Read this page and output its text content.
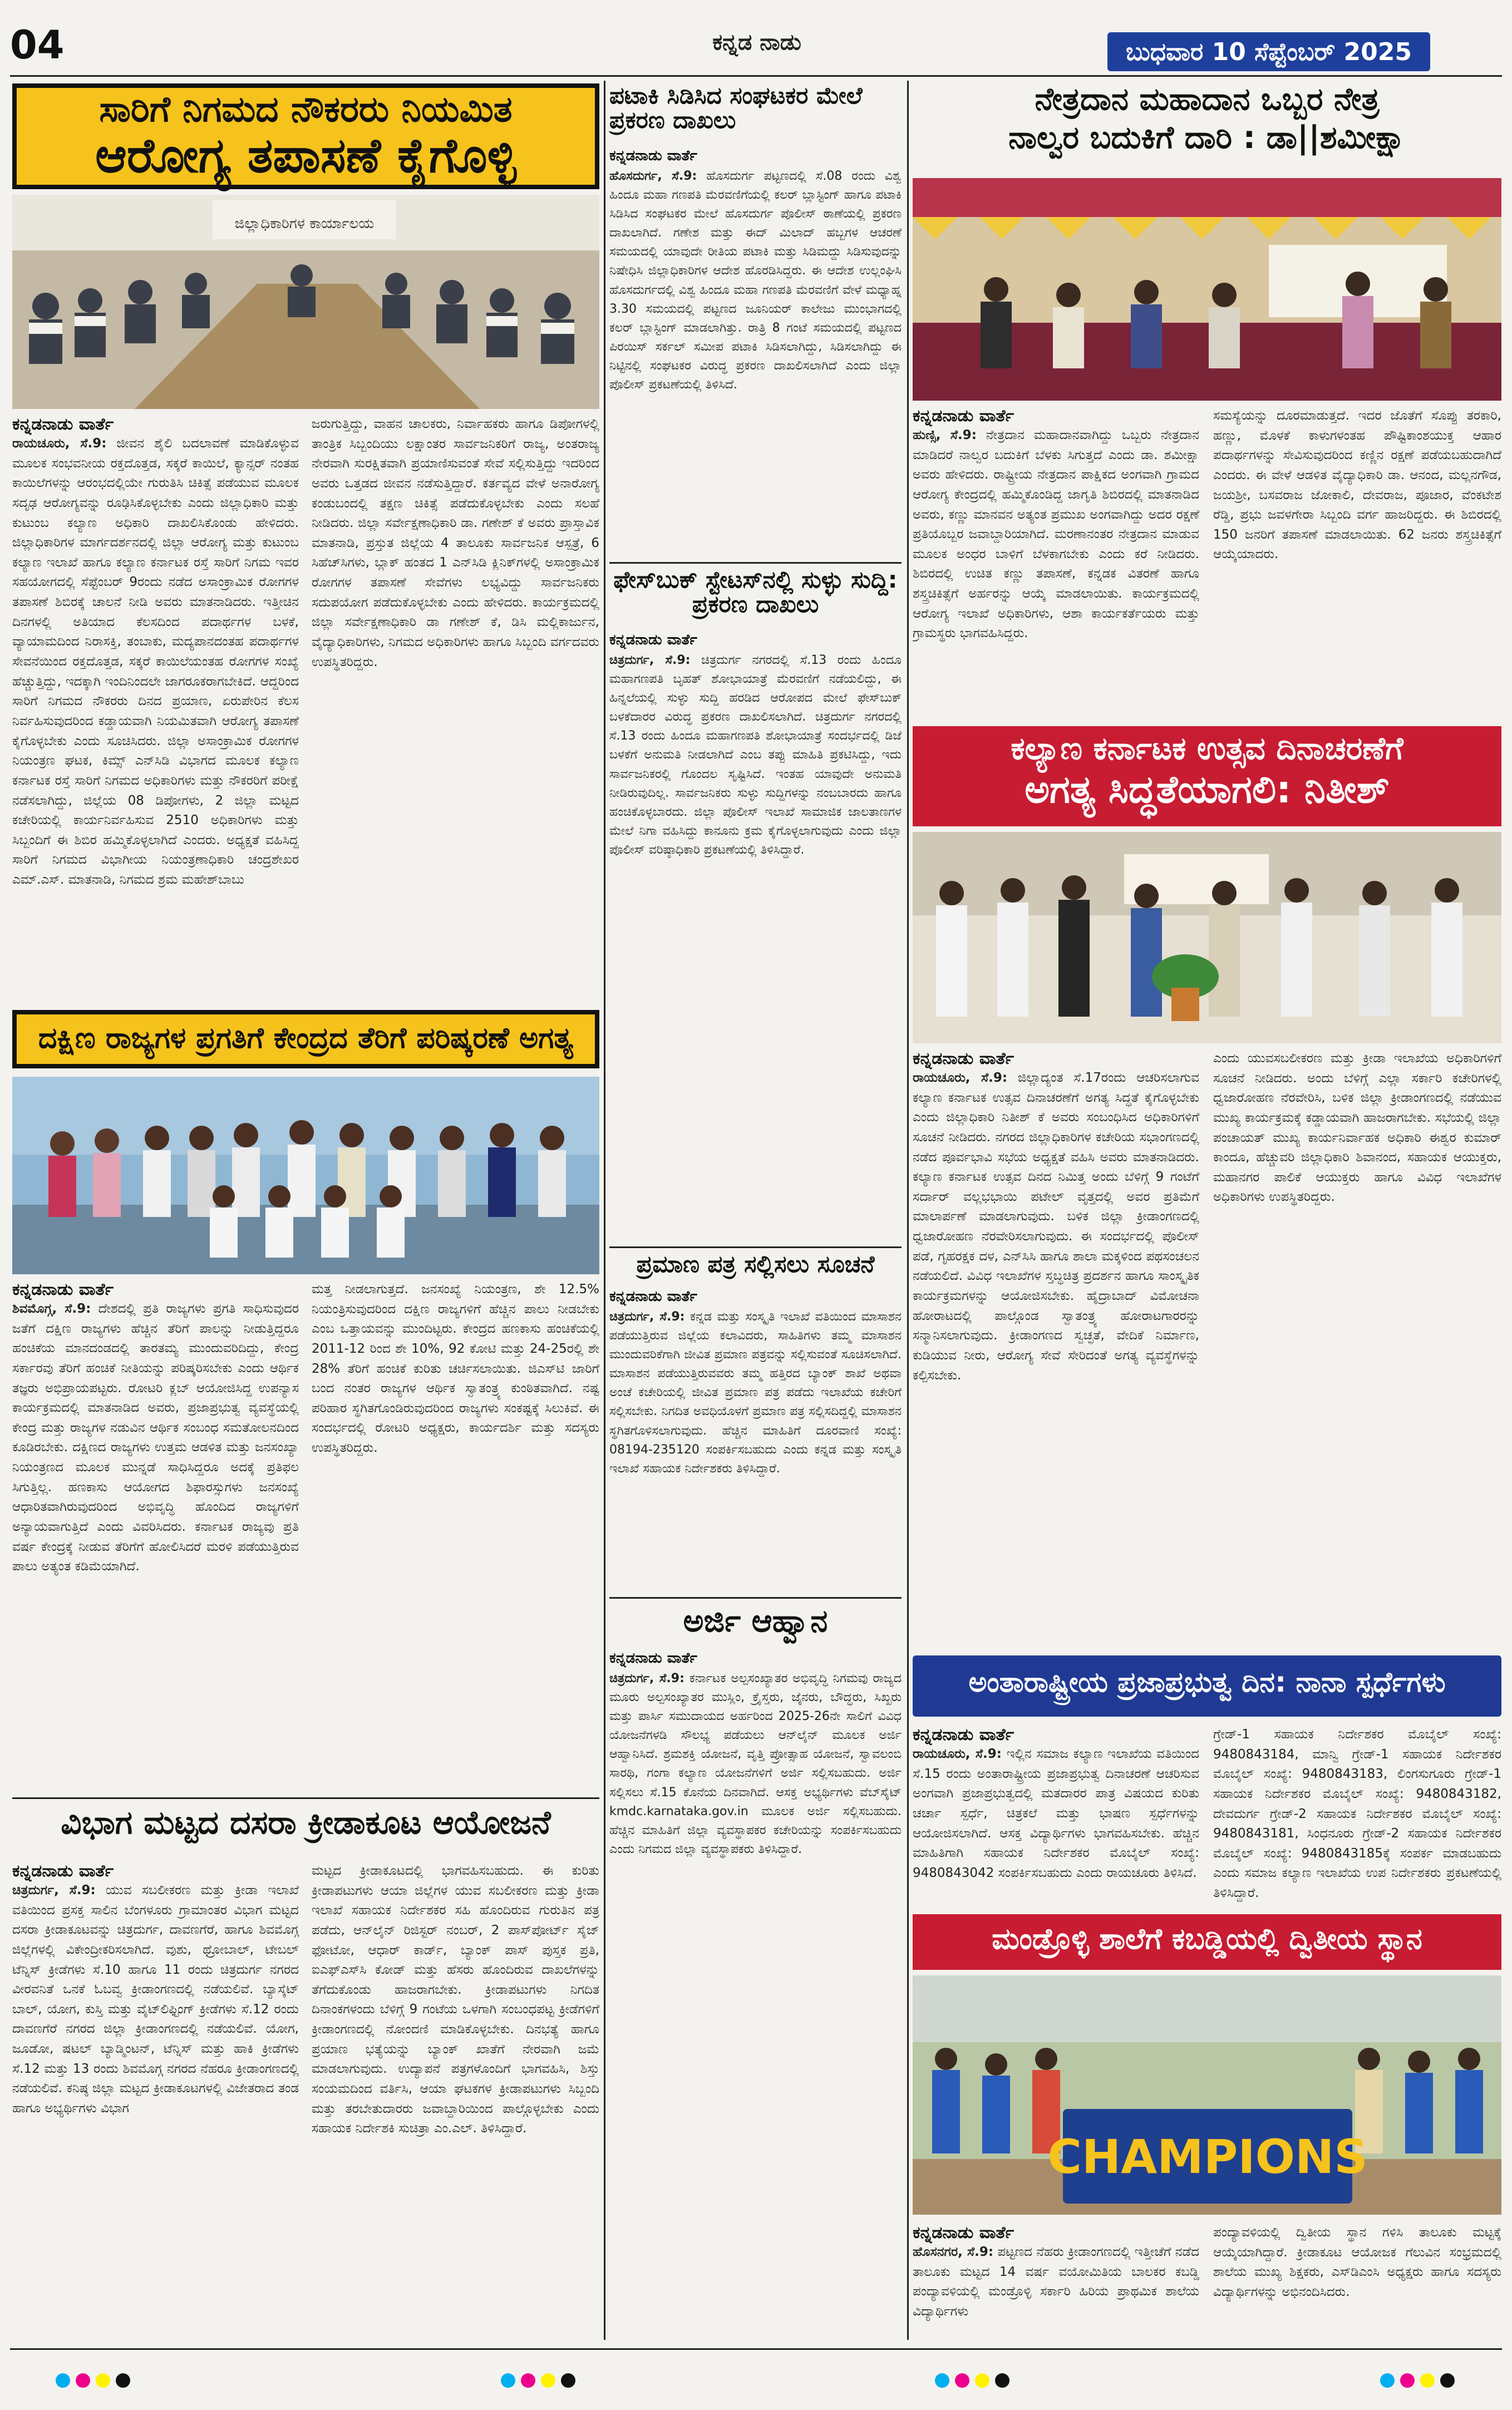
04	ಕನ್ನಡ ನಾಡು	ಬುಧವಾರ 10 ಸೆಪ್ಟೆಂಬರ್ 2025
ಸಾರಿಗೆ ನಿಗಮದ ನೌಕರರು ನಿಯಮಿತ
ಆರೋಗ್ಯ ತಪಾಸಣೆ ಕೈಗೊಳ್ಳಿ
ಜಿಲ್ಲಾಧಿಕಾರಿಗಳ ಕಾರ್ಯಾಲಯ
ಕನ್ನಡನಾಡು ವಾರ್ತೆ
ರಾಯಚೂರು, ಸೆ.9: ಜೀವನ ಶೈಲಿ ಬದಲಾವಣೆ ಮಾಡಿಕೊಳ್ಳುವ ಮೂಲಕ ಸಂಭವನೀಯ ರಕ್ತದೊತ್ತಡ, ಸಕ್ಕರೆ ಕಾಯಿಲೆ, ಕ್ಯಾನ್ಸರ್ ನಂತಹ ಕಾಯಿಲೆಗಳನ್ನು ಆರಂಭದಲ್ಲಿಯೇ ಗುರುತಿಸಿ ಚಿಕಿತ್ಸೆ ಪಡೆಯುವ ಮೂಲಕ ಸದೃಢ ಆರೋಗ್ಯವನ್ನು ರೂಢಿಸಿಕೊಳ್ಳಬೇಕು ಎಂದು ಜಿಲ್ಲಾಧಿಕಾರಿ ಮತ್ತು ಕುಟುಂಬ ಕಲ್ಯಾಣ ಅಧಿಕಾರಿ ದಾಖಲಿಸಿಕೊಂಡು ಹೇಳಿದರು. ಜಿಲ್ಲಾಧಿಕಾರಿಗಳ ಮಾರ್ಗದರ್ಶನದಲ್ಲಿ ಜಿಲ್ಲಾ ಆರೋಗ್ಯ ಮತ್ತು ಕುಟುಂಬ ಕಲ್ಯಾಣ ಇಲಾಖೆ ಹಾಗೂ ಕಲ್ಯಾಣ ಕರ್ನಾಟಕ ರಸ್ತೆ ಸಾರಿಗೆ ನಿಗಮ ಇವರ ಸಹಯೋಗದಲ್ಲಿ ಸೆಪ್ಟೆಂಬರ್ 9ರಂದು ನಡೆದ ಅಸಾಂಕ್ರಾಮಿಕ ರೋಗಗಳ ತಪಾಸಣೆ ಶಿಬಿರಕ್ಕೆ ಚಾಲನೆ ನೀಡಿ ಅವರು ಮಾತನಾಡಿದರು. ಇತ್ತೀಚಿನ ದಿನಗಳಲ್ಲಿ ಅತಿಯಾದ ಕೆಲಸದಿಂದ ಪದಾರ್ಥಗಳ ಬಳಕೆ, ವ್ಯಾಯಾಮದಿಂದ ನಿರಾಸಕ್ತಿ, ತಂಬಾಕು, ಮದ್ಯಪಾನದಂತಹ ಪದಾರ್ಥಗಳ ಸೇವನೆಯಿಂದ ರಕ್ತದೊತ್ತಡ, ಸಕ್ಕರೆ ಕಾಯಿಲೆಯಂತಹ ರೋಗಗಳ ಸಂಖ್ಯೆ ಹೆಚ್ಚುತ್ತಿದ್ದು, ಇದಕ್ಕಾಗಿ ಇಂದಿನಿಂದಲೇ ಜಾಗರೂಕರಾಗಬೇಕಿದೆ. ಆದ್ದರಿಂದ ಸಾರಿಗೆ ನಿಗಮದ ನೌಕರರು ದಿನದ ಪ್ರಯಾಣ, ಏರುಪೇರಿನ ಕೆಲಸ ನಿರ್ವಹಿಸುವುದರಿಂದ ಕಡ್ಡಾಯವಾಗಿ ನಿಯಮಿತವಾಗಿ ಆರೋಗ್ಯ ತಪಾಸಣೆ ಕೈಗೊಳ್ಳಬೇಕು ಎಂದು ಸೂಚಿಸಿದರು. ಜಿಲ್ಲಾ ಅಸಾಂಕ್ರಾಮಿಕ ರೋಗಗಳ ನಿಯಂತ್ರಣ ಘಟಕ, ಕಿಮ್ಸ್ ಎನ್‌ಸಿಡಿ ವಿಭಾಗದ ಮೂಲಕ ಕಲ್ಯಾಣ ಕರ್ನಾಟಕ ರಸ್ತೆ ಸಾರಿಗೆ ನಿಗಮದ ಅಧಿಕಾರಿಗಳು ಮತ್ತು ನೌಕರರಿಗೆ ಪರೀಕ್ಷೆ ನಡೆಸಲಾಗಿದ್ದು, ಜಿಲ್ಲೆಯ 08 ಡಿಪೋಗಳು, 2 ಜಿಲ್ಲಾ ಮಟ್ಟದ ಕಚೇರಿಯಲ್ಲಿ ಕಾರ್ಯನಿರ್ವಹಿಸುವ 2510 ಅಧಿಕಾರಿಗಳು ಮತ್ತು ಸಿಬ್ಬಂದಿಗೆ ಈ ಶಿಬಿರ ಹಮ್ಮಿಕೊಳ್ಳಲಾಗಿದೆ ಎಂದರು. ಅಧ್ಯಕ್ಷತೆ ವಹಿಸಿದ್ದ ಸಾರಿಗೆ ನಿಗಮದ ವಿಭಾಗೀಯ ನಿಯಂತ್ರಣಾಧಿಕಾರಿ ಚಂದ್ರಶೇಖರ ಎಮ್.ಎಸ್. ಮಾತನಾಡಿ, ನಿಗಮದ ಶ್ರಮ ಮಹೇಶ್‌ಬಾಬು
ಜರುಗುತ್ತಿದ್ದು, ವಾಹನ ಚಾಲಕರು, ನಿರ್ವಾಹಕರು ಹಾಗೂ ಡಿಪೋಗಳಲ್ಲಿ ತಾಂತ್ರಿಕ ಸಿಬ್ಬಂದಿಯು ಲಕ್ಷಾಂತರ ಸಾರ್ವಜನಿಕರಿಗೆ ರಾಜ್ಯ, ಅಂತರಾಜ್ಯ ನೇರವಾಗಿ ಸುರಕ್ಷಿತವಾಗಿ ಪ್ರಯಾಣಿಸುವಂತೆ ಸೇವೆ ಸಲ್ಲಿಸುತ್ತಿದ್ದು ಇದರಿಂದ ಅವರು ಒತ್ತಡದ ಜೀವನ ನಡೆಸುತ್ತಿದ್ದಾರೆ. ಕರ್ತವ್ಯದ ವೇಳೆ ಅನಾರೋಗ್ಯ ಕಂಡುಬಂದಲ್ಲಿ ತಕ್ಷಣ ಚಿಕಿತ್ಸೆ ಪಡೆದುಕೊಳ್ಳಬೇಕು ಎಂದು ಸಲಹೆ ನೀಡಿದರು. ಜಿಲ್ಲಾ ಸರ್ವೇಕ್ಷಣಾಧಿಕಾರಿ ಡಾ. ಗಣೇಶ್ ಕೆ ಅವರು ಪ್ರಾಸ್ತಾವಿಕ ಮಾತನಾಡಿ, ಪ್ರಸ್ತುತ ಜಿಲ್ಲೆಯ 4 ತಾಲೂಕು ಸಾರ್ವಜನಿಕ ಆಸ್ಪತ್ರೆ, 6 ಸಿಹೆಚ್‌ಸಿಗಳು, ಬ್ಲಾಕ್ ಹಂತದ 1 ಎನ್‌ಸಿಡಿ ಕ್ಲಿನಿಕ್‌ಗಳಲ್ಲಿ ಅಸಾಂಕ್ರಾಮಿಕ ರೋಗಗಳ ತಪಾಸಣೆ ಸೇವೆಗಳು ಲಭ್ಯವಿದ್ದು ಸಾರ್ವಜನಿಕರು ಸದುಪಯೋಗ ಪಡೆದುಕೊಳ್ಳಬೇಕು ಎಂದು ಹೇಳಿದರು. ಕಾರ್ಯಕ್ರಮದಲ್ಲಿ ಜಿಲ್ಲಾ ಸರ್ವೇಕ್ಷಣಾಧಿಕಾರಿ ಡಾ ಗಣೇಶ್ ಕೆ, ಡಿಸಿ ಮಲ್ಲಿಕಾರ್ಜುನ, ವೈದ್ಯಾಧಿಕಾರಿಗಳು, ನಿಗಮದ ಅಧಿಕಾರಿಗಳು ಹಾಗೂ ಸಿಬ್ಬಂದಿ ವರ್ಗದವರು ಉಪಸ್ಥಿತರಿದ್ದರು.
ದಕ್ಷಿಣ ರಾಜ್ಯಗಳ ಪ್ರಗತಿಗೆ ಕೇಂದ್ರದ ತೆರಿಗೆ ಪರಿಷ್ಕರಣೆ ಅಗತ್ಯ
ಕನ್ನಡನಾಡು ವಾರ್ತೆ
ಶಿವಮೊಗ್ಗ, ಸೆ.9: ದೇಶದಲ್ಲಿ ಪ್ರತಿ ರಾಜ್ಯಗಳು ಪ್ರಗತಿ ಸಾಧಿಸುವುದರ ಜತೆಗೆ ದಕ್ಷಿಣ ರಾಜ್ಯಗಳು ಹೆಚ್ಚಿನ ತೆರಿಗೆ ಪಾಲನ್ನು ನೀಡುತ್ತಿದ್ದರೂ ಹಂಚಿಕೆಯ ಮಾನದಂಡದಲ್ಲಿ ತಾರತಮ್ಯ ಮುಂದುವರಿದಿದ್ದು, ಕೇಂದ್ರ ಸರ್ಕಾರವು ತೆರಿಗೆ ಹಂಚಿಕೆ ನೀತಿಯನ್ನು ಪರಿಷ್ಕರಿಸಬೇಕು ಎಂದು ಆರ್ಥಿಕ ತಜ್ಞರು ಅಭಿಪ್ರಾಯಪಟ್ಟರು. ರೋಟರಿ ಕ್ಲಬ್ ಆಯೋಜಿಸಿದ್ದ ಉಪನ್ಯಾಸ ಕಾರ್ಯಕ್ರಮದಲ್ಲಿ ಮಾತನಾಡಿದ ಅವರು, ಪ್ರಜಾಪ್ರಭುತ್ವ ವ್ಯವಸ್ಥೆಯಲ್ಲಿ ಕೇಂದ್ರ ಮತ್ತು ರಾಜ್ಯಗಳ ನಡುವಿನ ಆರ್ಥಿಕ ಸಂಬಂಧ ಸಮತೋಲನದಿಂದ ಕೂಡಿರಬೇಕು. ದಕ್ಷಿಣದ ರಾಜ್ಯಗಳು ಉತ್ತಮ ಆಡಳಿತ ಮತ್ತು ಜನಸಂಖ್ಯಾ ನಿಯಂತ್ರಣದ ಮೂಲಕ ಮುನ್ನಡೆ ಸಾಧಿಸಿದ್ದರೂ ಅದಕ್ಕೆ ಪ್ರತಿಫಲ ಸಿಗುತ್ತಿಲ್ಲ. ಹಣಕಾಸು ಆಯೋಗದ ಶಿಫಾರಸ್ಸುಗಳು ಜನಸಂಖ್ಯೆ ಆಧಾರಿತವಾಗಿರುವುದರಿಂದ ಅಭಿವೃದ್ಧಿ ಹೊಂದಿದ ರಾಜ್ಯಗಳಿಗೆ ಅನ್ಯಾಯವಾಗುತ್ತಿದೆ ಎಂದು ವಿವರಿಸಿದರು. ಕರ್ನಾಟಕ ರಾಜ್ಯವು ಪ್ರತಿ ವರ್ಷ ಕೇಂದ್ರಕ್ಕೆ ನೀಡುವ ತೆರಿಗೆಗೆ ಹೋಲಿಸಿದರೆ ಮರಳಿ ಪಡೆಯುತ್ತಿರುವ ಪಾಲು ಅತ್ಯಂತ ಕಡಿಮೆಯಾಗಿದೆ.
ಮತ್ತ ನೀಡಲಾಗುತ್ತದೆ. ಜನಸಂಖ್ಯೆ ನಿಯಂತ್ರಣ, ಶೇ 12.5% ನಿಯಂತ್ರಿಸುವುದರಿಂದ ದಕ್ಷಿಣ ರಾಜ್ಯಗಳಿಗೆ ಹೆಚ್ಚಿನ ಪಾಲು ನೀಡಬೇಕು ಎಂಬ ಒತ್ತಾಯವನ್ನು ಮುಂದಿಟ್ಟರು. ಕೇಂದ್ರದ ಹಣಕಾಸು ಹಂಚಿಕೆಯಲ್ಲಿ 2011-12 ರಿಂದ ಶೇ 10%, 92 ಕೋಟಿ ಮತ್ತು 24-25ರಲ್ಲಿ ಶೇ 28% ತೆರಿಗೆ ಹಂಚಿಕೆ ಕುರಿತು ಚರ್ಚಿಸಲಾಯಿತು. ಜಿಎಸ್‌ಟಿ ಜಾರಿಗೆ ಬಂದ ನಂತರ ರಾಜ್ಯಗಳ ಆರ್ಥಿಕ ಸ್ವಾತಂತ್ರ್ಯ ಕುಂಠಿತವಾಗಿದೆ. ನಷ್ಟ ಪರಿಹಾರ ಸ್ಥಗಿತಗೊಂಡಿರುವುದರಿಂದ ರಾಜ್ಯಗಳು ಸಂಕಷ್ಟಕ್ಕೆ ಸಿಲುಕಿವೆ. ಈ ಸಂದರ್ಭದಲ್ಲಿ ರೋಟರಿ ಅಧ್ಯಕ್ಷರು, ಕಾರ್ಯದರ್ಶಿ ಮತ್ತು ಸದಸ್ಯರು ಉಪಸ್ಥಿತರಿದ್ದರು.
ವಿಭಾಗ ಮಟ್ಟದ ದಸರಾ ಕ್ರೀಡಾಕೂಟ ಆಯೋಜನೆ
ಕನ್ನಡನಾಡು ವಾರ್ತೆ
ಚಿತ್ರದುರ್ಗ, ಸೆ.9: ಯುವ ಸಬಲೀಕರಣ ಮತ್ತು ಕ್ರೀಡಾ ಇಲಾಖೆ ವತಿಯಿಂದ ಪ್ರಸಕ್ತ ಸಾಲಿನ ಬೆಂಗಳೂರು ಗ್ರಾಮಾಂತರ ವಿಭಾಗ ಮಟ್ಟದ ದಸರಾ ಕ್ರೀಡಾಕೂಟವನ್ನು ಚಿತ್ರದುರ್ಗ, ದಾವಣಗೆರೆ, ಹಾಗೂ ಶಿವಮೊಗ್ಗ ಜಿಲ್ಲೆಗಳಲ್ಲಿ ವಿಕೇಂದ್ರೀಕರಿಸಲಾಗಿದೆ. ವುಶು, ಥ್ರೋಬಾಲ್, ಟೇಬಲ್ ಟೆನ್ನಿಸ್ ಕ್ರೀಡೆಗಳು ಸೆ.10 ಹಾಗೂ 11 ರಂದು ಚಿತ್ರದುರ್ಗ ನಗರದ ವೀರವನಿತೆ ಒನಕೆ ಓಬವ್ವ ಕ್ರೀಡಾಂಗಣದಲ್ಲಿ ನಡೆಯಲಿವೆ. ಬ್ಯಾಸ್ಕೆಟ್ ಬಾಲ್, ಯೋಗ, ಕುಸ್ತಿ ಮತ್ತು ವೈಟ್‌ಲಿಫ್ಟಿಂಗ್ ಕ್ರೀಡೆಗಳು ಸೆ.12 ರಂದು ದಾವಣಗೆರೆ ನಗರದ ಜಿಲ್ಲಾ ಕ್ರೀಡಾಂಗಣದಲ್ಲಿ ನಡೆಯಲಿವೆ. ಯೋಗ, ಜೂಡೋ, ಷಟಲ್ ಬ್ಯಾಡ್ಮಿಂಟನ್, ಟೆನ್ನಿಸ್ ಮತ್ತು ಹಾಕಿ ಕ್ರೀಡೆಗಳು ಸೆ.12 ಮತ್ತು 13 ರಂದು ಶಿವಮೊಗ್ಗ ನಗರದ ನೆಹರೂ ಕ್ರೀಡಾಂಗಣದಲ್ಲಿ ನಡೆಯಲಿವೆ. ಕನಿಷ್ಠ ಜಿಲ್ಲಾ ಮಟ್ಟದ ಕ್ರೀಡಾಕೂಟಗಳಲ್ಲಿ ವಿಜೇತರಾದ ತಂಡ ಹಾಗೂ ಅಭ್ಯರ್ಥಿಗಳು ವಿಭಾಗ
ಮಟ್ಟದ ಕ್ರೀಡಾಕೂಟದಲ್ಲಿ ಭಾಗವಹಿಸಬಹುದು. ಈ ಕುರಿತು ಕ್ರೀಡಾಪಟುಗಳು ಆಯಾ ಜಿಲ್ಲೆಗಳ ಯುವ ಸಬಲೀಕರಣ ಮತ್ತು ಕ್ರೀಡಾ ಇಲಾಖೆ ಸಹಾಯಕ ನಿರ್ದೇಶಕರ ಸಹಿ ಹೊಂದಿರುವ ಗುರುತಿನ ಪತ್ರ ಪಡೆದು, ಆನ್‌ಲೈನ್ ರಿಜಿಸ್ಟರ್ ನಂಬರ್, 2 ಪಾಸ್‌ಪೋರ್ಟ್ ಸೈಜ್ ಫೋಟೋ, ಆಧಾರ್ ಕಾರ್ಡ್, ಬ್ಯಾಂಕ್ ಪಾಸ್ ಪುಸ್ತಕ ಪ್ರತಿ, ಐಎಫ್‌ಎಸ್‌ಸಿ ಕೋಡ್ ಮತ್ತು ಹೆಸರು ಹೊಂದಿರುವ ದಾಖಲೆಗಳನ್ನು ತೆಗೆದುಕೊಂಡು ಹಾಜರಾಗಬೇಕು. ಕ್ರೀಡಾಪಟುಗಳು ನಿಗದಿತ ದಿನಾಂಕಗಳಂದು ಬೆಳಿಗ್ಗೆ 9 ಗಂಟೆಯ ಒಳಗಾಗಿ ಸಂಬಂಧಪಟ್ಟ ಕ್ರೀಡೆಗಳಿಗೆ ಕ್ರೀಡಾಂಗಣದಲ್ಲಿ ನೋಂದಣಿ ಮಾಡಿಕೊಳ್ಳಬೇಕು. ದಿನಭತ್ಯೆ ಹಾಗೂ ಪ್ರಯಾಣ ಭತ್ಯೆಯನ್ನು ಬ್ಯಾಂಕ್ ಖಾತೆಗೆ ನೇರವಾಗಿ ಜಮೆ ಮಾಡಲಾಗುವುದು. ಉದ್ಯಾಪನೆ ಪತ್ರಗಳೊಂದಿಗೆ ಭಾಗವಹಿಸಿ, ಶಿಸ್ತು ಸಂಯಮದಿಂದ ವರ್ತಿಸಿ, ಆಯಾ ಘಟಕಗಳ ಕ್ರೀಡಾಪಟುಗಳು ಸಿಬ್ಬಂದಿ ಮತ್ತು ತರಬೇತುದಾರರು ಜವಾಬ್ದಾರಿಯಿಂದ ಪಾಲ್ಗೊಳ್ಳಬೇಕು ಎಂದು ಸಹಾಯಕ ನಿರ್ದೇಶಕಿ ಸುಚಿತ್ರಾ ಎಂ.ಎಲ್. ತಿಳಿಸಿದ್ದಾರೆ.
ಪಟಾಕಿ ಸಿಡಿಸಿದ ಸಂಘಟಕರ ಮೇಲೆ ಪ್ರಕರಣ ದಾಖಲು
ಕನ್ನಡನಾಡು ವಾರ್ತೆ
ಹೊಸದುರ್ಗ, ಸೆ.9: ಹೊಸದುರ್ಗ ಪಟ್ಟಣದಲ್ಲಿ ಸೆ.08 ರಂದು ವಿಶ್ವ ಹಿಂದೂ ಮಹಾ ಗಣಪತಿ ಮೆರವಣಿಗೆಯಲ್ಲಿ ಕಲರ್ ಬ್ಲಾಸ್ಟಿಂಗ್ ಹಾಗೂ ಪಟಾಕಿ ಸಿಡಿಸಿದ ಸಂಘಟಕರ ಮೇಲೆ ಹೊಸದುರ್ಗ ಪೊಲೀಸ್ ಠಾಣೆಯಲ್ಲಿ ಪ್ರಕರಣ ದಾಖಲಾಗಿದೆ. ಗಣೇಶ ಮತ್ತು ಈದ್ ಮಿಲಾದ್ ಹಬ್ಬಗಳ ಆಚರಣೆ ಸಮಯದಲ್ಲಿ ಯಾವುದೇ ರೀತಿಯ ಪಟಾಕಿ ಮತ್ತು ಸಿಡಿಮದ್ದು ಸಿಡಿಸುವುದನ್ನು ನಿಷೇಧಿಸಿ ಜಿಲ್ಲಾಧಿಕಾರಿಗಳ ಆದೇಶ ಹೊರಡಿಸಿದ್ದರು. ಈ ಆದೇಶ ಉಲ್ಲಂಘಿಸಿ ಹೊಸದುರ್ಗದಲ್ಲಿ ವಿಶ್ವ ಹಿಂದೂ ಮಹಾ ಗಣಪತಿ ಮೆರವಣಿಗೆ ವೇಳೆ ಮಧ್ಯಾಹ್ನ 3.30 ಸಮಯದಲ್ಲಿ ಪಟ್ಟಣದ ಜೂನಿಯರ್ ಕಾಲೇಜು ಮುಂಭಾಗದಲ್ಲಿ ಕಲರ್ ಬ್ಲಾಸ್ಟಿಂಗ್ ಮಾಡಲಾಗಿತ್ತು. ರಾತ್ರಿ 8 ಗಂಟೆ ಸಮಯದಲ್ಲಿ ಪಟ್ಟಣದ ಪಿರಯಿಸ್ ಸರ್ಕಲ್ ಸಮೀಪ ಪಟಾಕಿ ಸಿಡಿಸಲಾಗಿದ್ದು, ಸಿಡಿಸಲಾಗಿದ್ದು ಈ ನಿಟ್ಟಿನಲ್ಲಿ ಸಂಘಟಕರ ವಿರುದ್ಧ ಪ್ರಕರಣ ದಾಖಲಿಸಲಾಗಿದೆ ಎಂದು ಜಿಲ್ಲಾ ಪೊಲೀಸ್ ಪ್ರಕಟಣೆಯಲ್ಲಿ ತಿಳಿಸಿದೆ.
ಫೇಸ್‌ಬುಕ್ ಸ್ಟೇಟಸ್‌ನಲ್ಲಿ ಸುಳ್ಳು ಸುದ್ದಿ: ಪ್ರಕರಣ ದಾಖಲು
ಕನ್ನಡನಾಡು ವಾರ್ತೆ
ಚಿತ್ರದುರ್ಗ, ಸೆ.9: ಚಿತ್ರದುರ್ಗ ನಗರದಲ್ಲಿ ಸೆ.13 ರಂದು ಹಿಂದೂ ಮಹಾಗಣಪತಿ ಬೃಹತ್ ಶೋಭಾಯಾತ್ರೆ ಮೆರವಣಿಗೆ ನಡೆಯಲಿದ್ದು, ಈ ಹಿನ್ನಲೆಯಲ್ಲಿ ಸುಳ್ಳು ಸುದ್ದಿ ಹರಡಿದ ಆರೋಪದ ಮೇಲೆ ಫೇಸ್‌ಬುಕ್ ಬಳಕೆದಾರರ ವಿರುದ್ಧ ಪ್ರಕರಣ ದಾಖಲಿಸಲಾಗಿದೆ. ಚಿತ್ರದುರ್ಗ ನಗರದಲ್ಲಿ ಸೆ.13 ರಂದು ಹಿಂದೂ ಮಹಾಗಣಪತಿ ಶೋಭಾಯಾತ್ರೆ ಸಂದರ್ಭದಲ್ಲಿ ಡಿಜೆ ಬಳಕೆಗೆ ಅನುಮತಿ ನೀಡಲಾಗಿದೆ ಎಂಬ ತಪ್ಪು ಮಾಹಿತಿ ಪ್ರಕಟಿಸಿದ್ದು, ಇದು ಸಾರ್ವಜನಿಕರಲ್ಲಿ ಗೊಂದಲ ಸೃಷ್ಟಿಸಿದೆ. ಇಂತಹ ಯಾವುದೇ ಅನುಮತಿ ನೀಡಿರುವುದಿಲ್ಲ. ಸಾರ್ವಜನಿಕರು ಸುಳ್ಳು ಸುದ್ದಿಗಳನ್ನು ನಂಬಬಾರದು ಹಾಗೂ ಹಂಚಿಕೊಳ್ಳಬಾರದು. ಜಿಲ್ಲಾ ಪೊಲೀಸ್ ಇಲಾಖೆ ಸಾಮಾಜಿಕ ಜಾಲತಾಣಗಳ ಮೇಲೆ ನಿಗಾ ವಹಿಸಿದ್ದು ಕಾನೂನು ಕ್ರಮ ಕೈಗೊಳ್ಳಲಾಗುವುದು ಎಂದು ಜಿಲ್ಲಾ ಪೊಲೀಸ್ ವರಿಷ್ಠಾಧಿಕಾರಿ ಪ್ರಕಟಣೆಯಲ್ಲಿ ತಿಳಿಸಿದ್ದಾರೆ.
ಪ್ರಮಾಣ ಪತ್ರ ಸಲ್ಲಿಸಲು ಸೂಚನೆ
ಕನ್ನಡನಾಡು ವಾರ್ತೆ
ಚಿತ್ರದುರ್ಗ, ಸೆ.9: ಕನ್ನಡ ಮತ್ತು ಸಂಸ್ಕೃತಿ ಇಲಾಖೆ ವತಿಯಿಂದ ಮಾಸಾಶನ ಪಡೆಯುತ್ತಿರುವ ಜಿಲ್ಲೆಯ ಕಲಾವಿದರು, ಸಾಹಿತಿಗಳು ತಮ್ಮ ಮಾಸಾಶನ ಮುಂದುವರಿಕೆಗಾಗಿ ಜೀವಿತ ಪ್ರಮಾಣ ಪತ್ರವನ್ನು ಸಲ್ಲಿಸುವಂತೆ ಸೂಚಿಸಲಾಗಿದೆ. ಮಾಸಾಶನ ಪಡೆಯುತ್ತಿರುವವರು ತಮ್ಮ ಹತ್ತಿರದ ಬ್ಯಾಂಕ್ ಶಾಖೆ ಅಥವಾ ಅಂಚೆ ಕಚೇರಿಯಲ್ಲಿ ಜೀವಿತ ಪ್ರಮಾಣ ಪತ್ರ ಪಡೆದು ಇಲಾಖೆಯ ಕಚೇರಿಗೆ ಸಲ್ಲಿಸಬೇಕು. ನಿಗದಿತ ಅವಧಿಯೊಳಗೆ ಪ್ರಮಾಣ ಪತ್ರ ಸಲ್ಲಿಸದಿದ್ದಲ್ಲಿ ಮಾಸಾಶನ ಸ್ಥಗಿತಗೊಳಿಸಲಾಗುವುದು. ಹೆಚ್ಚಿನ ಮಾಹಿತಿಗೆ ದೂರವಾಣಿ ಸಂಖ್ಯೆ: 08194-235120 ಸಂಪರ್ಕಿಸಬಹುದು ಎಂದು ಕನ್ನಡ ಮತ್ತು ಸಂಸ್ಕೃತಿ ಇಲಾಖೆ ಸಹಾಯಕ ನಿರ್ದೇಶಕರು ತಿಳಿಸಿದ್ದಾರೆ.
ಅರ್ಜಿ ಆಹ್ವಾನ
ಕನ್ನಡನಾಡು ವಾರ್ತೆ
ಚಿತ್ರದುರ್ಗ, ಸೆ.9: ಕರ್ನಾಟಕ ಅಲ್ಪಸಂಖ್ಯಾತರ ಅಭಿವೃದ್ಧಿ ನಿಗಮವು ರಾಜ್ಯದ ಮೂರು ಅಲ್ಪಸಂಖ್ಯಾತರ ಮುಸ್ಲಿಂ, ಕ್ರೈಸ್ತರು, ಜೈನರು, ಬೌದ್ಧರು, ಸಿಖ್ಖರು ಮತ್ತು ಪಾರ್ಸಿ ಸಮುದಾಯದ ಅರ್ಹರಿಂದ 2025-26ನೇ ಸಾಲಿಗೆ ವಿವಿಧ ಯೋಜನೆಗಳಡಿ ಸೌಲಭ್ಯ ಪಡೆಯಲು ಆನ್‌ಲೈನ್ ಮೂಲಕ ಅರ್ಜಿ ಆಹ್ವಾನಿಸಿದೆ. ಶ್ರಮಶಕ್ತಿ ಯೋಜನೆ, ವೃತ್ತಿ ಪ್ರೋತ್ಸಾಹ ಯೋಜನೆ, ಸ್ವಾವಲಂಬಿ ಸಾರಥಿ, ಗಂಗಾ ಕಲ್ಯಾಣ ಯೋಜನೆಗಳಿಗೆ ಅರ್ಜಿ ಸಲ್ಲಿಸಬಹುದು. ಅರ್ಜಿ ಸಲ್ಲಿಸಲು ಸೆ.15 ಕೊನೆಯ ದಿನವಾಗಿದೆ. ಆಸಕ್ತ ಅಭ್ಯರ್ಥಿಗಳು ವೆಬ್‌ಸೈಟ್ kmdc.karnataka.gov.in ಮೂಲಕ ಅರ್ಜಿ ಸಲ್ಲಿಸಬಹುದು. ಹೆಚ್ಚಿನ ಮಾಹಿತಿಗೆ ಜಿಲ್ಲಾ ವ್ಯವಸ್ಥಾಪಕರ ಕಚೇರಿಯನ್ನು ಸಂಪರ್ಕಿಸಬಹುದು ಎಂದು ನಿಗಮದ ಜಿಲ್ಲಾ ವ್ಯವಸ್ಥಾಪಕರು ತಿಳಿಸಿದ್ದಾರೆ.
ನೇತ್ರದಾನ ಮಹಾದಾನ ಒಬ್ಬರ ನೇತ್ರ
ನಾಲ್ವರ ಬದುಕಿಗೆ ದಾರಿ : ಡಾ||ಶಮೀಕ್ಷಾ
ಕನ್ನಡನಾಡು ವಾರ್ತೆ
ಹುಣ್ಸಿ, ಸೆ.9: ನೇತ್ರದಾನ ಮಹಾದಾನವಾಗಿದ್ದು ಒಬ್ಬರು ನೇತ್ರದಾನ ಮಾಡಿದರೆ ನಾಲ್ವರ ಬದುಕಿಗೆ ಬೆಳಕು ಸಿಗುತ್ತದೆ ಎಂದು ಡಾ. ಶಮೀಕ್ಷಾ ಅವರು ಹೇಳಿದರು. ರಾಷ್ಟ್ರೀಯ ನೇತ್ರದಾನ ಪಾಕ್ಷಿಕದ ಅಂಗವಾಗಿ ಗ್ರಾಮದ ಆರೋಗ್ಯ ಕೇಂದ್ರದಲ್ಲಿ ಹಮ್ಮಿಕೊಂಡಿದ್ದ ಜಾಗೃತಿ ಶಿಬಿರದಲ್ಲಿ ಮಾತನಾಡಿದ ಅವರು, ಕಣ್ಣು ಮಾನವನ ಅತ್ಯಂತ ಪ್ರಮುಖ ಅಂಗವಾಗಿದ್ದು ಅದರ ರಕ್ಷಣೆ ಪ್ರತಿಯೊಬ್ಬರ ಜವಾಬ್ದಾರಿಯಾಗಿದೆ. ಮರಣಾನಂತರ ನೇತ್ರದಾನ ಮಾಡುವ ಮೂಲಕ ಅಂಧರ ಬಾಳಿಗೆ ಬೆಳಕಾಗಬೇಕು ಎಂದು ಕರೆ ನೀಡಿದರು. ಶಿಬಿರದಲ್ಲಿ ಉಚಿತ ಕಣ್ಣು ತಪಾಸಣೆ, ಕನ್ನಡಕ ವಿತರಣೆ ಹಾಗೂ ಶಸ್ತ್ರಚಿಕಿತ್ಸೆಗೆ ಅರ್ಹರನ್ನು ಆಯ್ಕೆ ಮಾಡಲಾಯಿತು. ಕಾರ್ಯಕ್ರಮದಲ್ಲಿ ಆರೋಗ್ಯ ಇಲಾಖೆ ಅಧಿಕಾರಿಗಳು, ಆಶಾ ಕಾರ್ಯಕರ್ತೆಯರು ಮತ್ತು ಗ್ರಾಮಸ್ಥರು ಭಾಗವಹಿಸಿದ್ದರು.
ಸಮಸ್ಯೆಯನ್ನು ದೂರಮಾಡುತ್ತದೆ. ಇದರ ಜೊತೆಗೆ ಸೊಪ್ಪು ತರಕಾರಿ, ಹಣ್ಣು, ಮೊಳಕೆ ಕಾಳುಗಳಂತಹ ಪೌಷ್ಟಿಕಾಂಶಯುಕ್ತ ಆಹಾರ ಪದಾರ್ಥಗಳನ್ನು ಸೇವಿಸುವುದರಿಂದ ಕಣ್ಣಿನ ರಕ್ಷಣೆ ಪಡೆಯಬಹುದಾಗಿದೆ ಎಂದರು. ಈ ವೇಳೆ ಆಡಳಿತ ವೈದ್ಯಾಧಿಕಾರಿ ಡಾ. ಆನಂದ, ಮಲ್ಲನಗೌಡ, ಜಯಶ್ರೀ, ಬಸವರಾಜ ಜೋಕಾಲಿ, ದೇವರಾಜ, ಪೂಜಾರ, ವೆಂಕಟೇಶ ರೆಡ್ಡಿ, ಪ್ರಭು ಜವಳಗೇರಾ ಸಿಬ್ಬಂದಿ ವರ್ಗ ಹಾಜರಿದ್ದರು. ಈ ಶಿಬಿರದಲ್ಲಿ 150 ಜನರಿಗೆ ತಪಾಸಣೆ ಮಾಡಲಾಯಿತು. 62 ಜನರು ಶಸ್ತ್ರಚಿಕಿತ್ಸೆಗೆ ಆಯ್ಕೆಯಾದರು.
ಕಲ್ಯಾಣ ಕರ್ನಾಟಕ ಉತ್ಸವ ದಿನಾಚರಣೆಗೆ
ಅಗತ್ಯ ಸಿದ್ಧತೆಯಾಗಲಿ: ನಿತೀಶ್
ಕನ್ನಡನಾಡು ವಾರ್ತೆ
ರಾಯಚೂರು, ಸೆ.9: ಜಿಲ್ಲಾದ್ಯಂತ ಸೆ.17ರಂದು ಆಚರಿಸಲಾಗುವ ಕಲ್ಯಾಣ ಕರ್ನಾಟಕ ಉತ್ಸವ ದಿನಾಚರಣೆಗೆ ಅಗತ್ಯ ಸಿದ್ಧತೆ ಕೈಗೊಳ್ಳಬೇಕು ಎಂದು ಜಿಲ್ಲಾಧಿಕಾರಿ ನಿತೀಶ್ ಕೆ ಅವರು ಸಂಬಂಧಿಸಿದ ಅಧಿಕಾರಿಗಳಿಗೆ ಸೂಚನೆ ನೀಡಿದರು. ನಗರದ ಜಿಲ್ಲಾಧಿಕಾರಿಗಳ ಕಚೇರಿಯ ಸಭಾಂಗಣದಲ್ಲಿ ನಡೆದ ಪೂರ್ವಭಾವಿ ಸಭೆಯ ಅಧ್ಯಕ್ಷತೆ ವಹಿಸಿ ಅವರು ಮಾತನಾಡಿದರು. ಕಲ್ಯಾಣ ಕರ್ನಾಟಕ ಉತ್ಸವ ದಿನದ ನಿಮಿತ್ತ ಅಂದು ಬೆಳಿಗ್ಗೆ 9 ಗಂಟೆಗೆ ಸರ್ದಾರ್ ವಲ್ಲಭಭಾಯಿ ಪಟೇಲ್ ವೃತ್ತದಲ್ಲಿ ಅವರ ಪ್ರತಿಮೆಗೆ ಮಾಲಾರ್ಪಣೆ ಮಾಡಲಾಗುವುದು. ಬಳಿಕ ಜಿಲ್ಲಾ ಕ್ರೀಡಾಂಗಣದಲ್ಲಿ ಧ್ವಜಾರೋಹಣ ನೆರವೇರಿಸಲಾಗುವುದು. ಈ ಸಂದರ್ಭದಲ್ಲಿ ಪೊಲೀಸ್ ಪಡೆ, ಗೃಹರಕ್ಷಕ ದಳ, ಎನ್‌ಸಿಸಿ ಹಾಗೂ ಶಾಲಾ ಮಕ್ಕಳಿಂದ ಪಥಸಂಚಲನ ನಡೆಯಲಿದೆ. ವಿವಿಧ ಇಲಾಖೆಗಳ ಸ್ತಬ್ಧಚಿತ್ರ ಪ್ರದರ್ಶನ ಹಾಗೂ ಸಾಂಸ್ಕೃತಿಕ ಕಾರ್ಯಕ್ರಮಗಳನ್ನು ಆಯೋಜಿಸಬೇಕು. ಹೈದ್ರಾಬಾದ್ ವಿಮೋಚನಾ ಹೋರಾಟದಲ್ಲಿ ಪಾಲ್ಗೊಂಡ ಸ್ವಾತಂತ್ರ್ಯ ಹೋರಾಟಗಾರರನ್ನು ಸನ್ಮಾನಿಸಲಾಗುವುದು. ಕ್ರೀಡಾಂಗಣದ ಸ್ವಚ್ಛತೆ, ವೇದಿಕೆ ನಿರ್ಮಾಣ, ಕುಡಿಯುವ ನೀರು, ಆರೋಗ್ಯ ಸೇವೆ ಸೇರಿದಂತೆ ಅಗತ್ಯ ವ್ಯವಸ್ಥೆಗಳನ್ನು ಕಲ್ಪಿಸಬೇಕು.
ಎಂದು ಯುವಸಬಲೀಕರಣ ಮತ್ತು ಕ್ರೀಡಾ ಇಲಾಖೆಯ ಅಧಿಕಾರಿಗಳಿಗೆ ಸೂಚನೆ ನೀಡಿದರು. ಅಂದು ಬೆಳಿಗ್ಗೆ ಎಲ್ಲಾ ಸರ್ಕಾರಿ ಕಚೇರಿಗಳಲ್ಲಿ ಧ್ವಜಾರೋಹಣ ನೆರವೇರಿಸಿ, ಬಳಿಕ ಜಿಲ್ಲಾ ಕ್ರೀಡಾಂಗಣದಲ್ಲಿ ನಡೆಯುವ ಮುಖ್ಯ ಕಾರ್ಯಕ್ರಮಕ್ಕೆ ಕಡ್ಡಾಯವಾಗಿ ಹಾಜರಾಗಬೇಕು. ಸಭೆಯಲ್ಲಿ ಜಿಲ್ಲಾ ಪಂಚಾಯತ್ ಮುಖ್ಯ ಕಾರ್ಯನಿರ್ವಾಹಕ ಅಧಿಕಾರಿ ಈಶ್ವರ ಕುಮಾರ್ ಕಾಂದೂ, ಹೆಚ್ಚುವರಿ ಜಿಲ್ಲಾಧಿಕಾರಿ ಶಿವಾನಂದ, ಸಹಾಯಕ ಆಯುಕ್ತರು, ಮಹಾನಗರ ಪಾಲಿಕೆ ಆಯುಕ್ತರು ಹಾಗೂ ವಿವಿಧ ಇಲಾಖೆಗಳ ಅಧಿಕಾರಿಗಳು ಉಪಸ್ಥಿತರಿದ್ದರು.
ಅಂತಾರಾಷ್ಟ್ರೀಯ ಪ್ರಜಾಪ್ರಭುತ್ವ ದಿನ: ನಾನಾ ಸ್ಪರ್ಧೆಗಳು
ಕನ್ನಡನಾಡು ವಾರ್ತೆ
ರಾಯಚೂರು, ಸೆ.9: ಇಲ್ಲಿನ ಸಮಾಜ ಕಲ್ಯಾಣ ಇಲಾಖೆಯ ವತಿಯಿಂದ ಸೆ.15 ರಂದು ಅಂತಾರಾಷ್ಟ್ರೀಯ ಪ್ರಜಾಪ್ರಭುತ್ವ ದಿನಾಚರಣೆ ಆಚರಿಸುವ ಅಂಗವಾಗಿ ಪ್ರಜಾಪ್ರಭುತ್ವದಲ್ಲಿ ಮತದಾರರ ಪಾತ್ರ ವಿಷಯದ ಕುರಿತು ಚರ್ಚಾ ಸ್ಪರ್ಧೆ, ಚಿತ್ರಕಲೆ ಮತ್ತು ಭಾಷಣ ಸ್ಪರ್ಧೆಗಳನ್ನು ಆಯೋಜಿಸಲಾಗಿದೆ. ಆಸಕ್ತ ವಿದ್ಯಾರ್ಥಿಗಳು ಭಾಗವಹಿಸಬೇಕು. ಹೆಚ್ಚಿನ ಮಾಹಿತಿಗಾಗಿ ಸಹಾಯಕ ನಿರ್ದೇಶಕರ ಮೊಬೈಲ್ ಸಂಖ್ಯೆ: 9480843042 ಸಂಪರ್ಕಿಸಬಹುದು ಎಂದು ರಾಯಚೂರು ತಿಳಿಸಿದೆ.
ಗ್ರೇಡ್-1 ಸಹಾಯಕ ನಿರ್ದೇಶಕರ ಮೊಬೈಲ್ ಸಂಖ್ಯೆ: 9480843184, ಮಾನ್ವಿ ಗ್ರೇಡ್-1 ಸಹಾಯಕ ನಿರ್ದೇಶಕರ ಮೊಬೈಲ್ ಸಂಖ್ಯೆ: 9480843183, ಲಿಂಗಸುಗೂರು ಗ್ರೇಡ್-1 ಸಹಾಯಕ ನಿರ್ದೇಶಕರ ಮೊಬೈಲ್ ಸಂಖ್ಯೆ: 9480843182, ದೇವದುರ್ಗ ಗ್ರೇಡ್-2 ಸಹಾಯಕ ನಿರ್ದೇಶಕರ ಮೊಬೈಲ್ ಸಂಖ್ಯೆ: 9480843181, ಸಿಂಧನೂರು ಗ್ರೇಡ್-2 ಸಹಾಯಕ ನಿರ್ದೇಶಕರ ಮೊಬೈಲ್ ಸಂಖ್ಯೆ: 9480843185ಕ್ಕೆ ಸಂಪರ್ಕ ಮಾಡಬಹುದು ಎಂದು ಸಮಾಜ ಕಲ್ಯಾಣ ಇಲಾಖೆಯ ಉಪ ನಿರ್ದೇಶಕರು ಪ್ರಕಟಣೆಯಲ್ಲಿ ತಿಳಿಸಿದ್ದಾರೆ.
ಮಂಡ್ರೊಳ್ಳಿ ಶಾಲೆಗೆ ಕಬಡ್ಡಿಯಲ್ಲಿ ದ್ವಿತೀಯ ಸ್ಥಾನ
CHAMPIONS
ಕನ್ನಡನಾಡು ವಾರ್ತೆ
ಹೊಸನಗರ, ಸೆ.9: ಪಟ್ಟಣದ ನೆಹರು ಕ್ರೀಡಾಂಗಣದಲ್ಲಿ ಇತ್ತೀಚೆಗೆ ನಡೆದ ತಾಲೂಕು ಮಟ್ಟದ 14 ವರ್ಷ ವಯೋಮಿತಿಯ ಬಾಲಕರ ಕಬಡ್ಡಿ ಪಂದ್ಯಾವಳಿಯಲ್ಲಿ ಮಂಡ್ರೊಳ್ಳಿ ಸರ್ಕಾರಿ ಹಿರಿಯ ಪ್ರಾಥಮಿಕ ಶಾಲೆಯ ವಿದ್ಯಾರ್ಥಿಗಳು
ಪಂದ್ಯಾವಳಿಯಲ್ಲಿ ದ್ವಿತೀಯ ಸ್ಥಾನ ಗಳಿಸಿ ತಾಲೂಕು ಮಟ್ಟಕ್ಕೆ ಆಯ್ಕೆಯಾಗಿದ್ದಾರೆ. ಕ್ರೀಡಾಕೂಟ ಆಯೋಜಕ ಗೆಲುವಿನ ಸಂಭ್ರಮದಲ್ಲಿ ಶಾಲೆಯ ಮುಖ್ಯ ಶಿಕ್ಷಕರು, ಎಸ್‌ಡಿಎಂಸಿ ಅಧ್ಯಕ್ಷರು ಹಾಗೂ ಸದಸ್ಯರು ವಿದ್ಯಾರ್ಥಿಗಳನ್ನು ಅಭಿನಂದಿಸಿದರು.
